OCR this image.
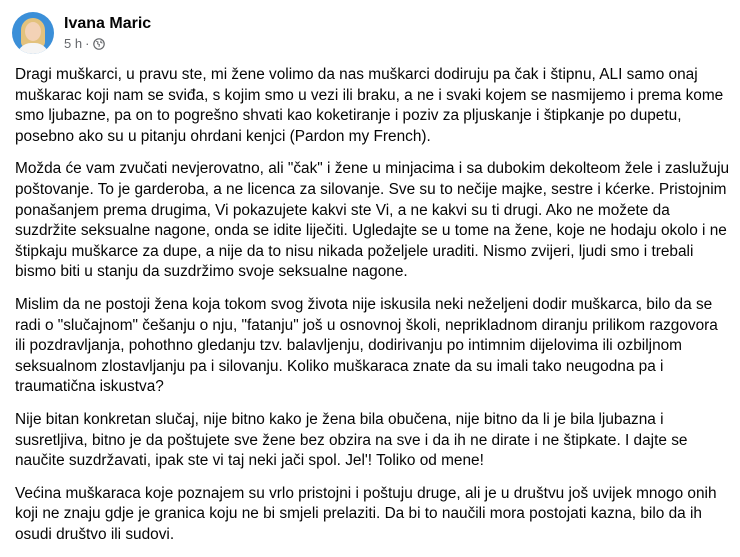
Ivana Maric
5 h ·

Dragi muškarci, u pravu ste, mi žene volimo da nas muškarci dodiruju pa čak i štipnu, ALI samo onaj muškarac koji nam se sviđa, s kojim smo u vezi ili braku, a ne i svaki kojem se nasmijemo i prema kome smo ljubazne, pa on to pogrešno shvati kao koketiranje i poziv za pljuskanje i štipkanje po dupetu, posebno ako su u pitanju ohrdani kenjci (Pardon my French).

Možda će vam zvučati nevjerovatno, ali "čak" i žene u minjacima i sa dubokim dekolteom žele i zaslužuju poštovanje. To je garderoba, a ne licenca za silovanje. Sve su to nečije majke, sestre i kćerke. Pristojnim ponašanjem prema drugima, Vi pokazujete kakvi ste Vi, a ne kakvi su ti drugi. Ako ne možete da suzdržite seksualne nagone, onda se idite liječiti. Ugledajte se u tome na žene, koje ne hodaju okolo i ne štipkaju muškarce za dupe, a nije da to nisu nikada poželjele uraditi. Nismo zvijeri, ljudi smo i trebali bismo biti u stanju da suzdržimo svoje seksualne nagone.

Mislim da ne postoji žena koja tokom svog života nije iskusila neki neželjeni dodir muškarca, bilo da se radi o "slučajnom" češanju o nju, "fatanju" još u osnovnoj školi, neprikladnom diranju prilikom razgovora ili pozdravljanja, pohothno gledanju tzv. balavljenju, dodirivanju po intimnim dijelovima ili ozbiljnom seksualnom zlostavljanju pa i silovanju. Koliko muškaraca znate da su imali tako neugodna pa i traumatična iskustva?

Nije bitan konkretan slučaj, nije bitno kako je žena bila obučena, nije bitno da li je bila ljubazna i susretljiva, bitno je da poštujete sve žene bez obzira na sve i da ih ne dirate i ne štipkate. I dajte se naučite suzdržavati, ipak ste vi taj neki jači spol. Jel'! Toliko od mene!

Većina muškaraca koje poznajem su vrlo pristojni i poštuju druge, ali je u društvu još uvijek mnogo onih koji ne znaju gdje je granica koju ne bi smjeli prelaziti. Da bi to naučili mora postojati kazna, bilo da ih osudi društvo ili sudovi.
